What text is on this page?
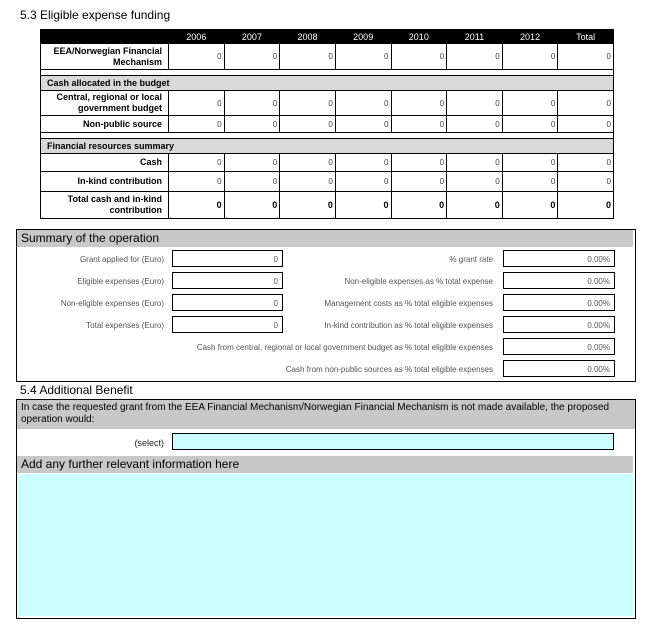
5.3 Eligible expense funding
	2006	2007	2008	2009	2010	2011	2012	Total
EEA/Norwegian Financial Mechanism	0	0	0	0	0	0	0	0

Cash allocated in the budget								
Central, regional or local government budget	0	0	0	0	0	0	0	0
Non-public source	0	0	0	0	0	0	0	0

Financial resources summary								
Cash	0	0	0	0	0	0	0	0
In-kind contribution	0	0	0	0	0	0	0	0
Total cash and in-kind contribution	0	0	0	0	0	0	0	0
Summary of the operation
Grant applied for (Euro)	0
Eligible expenses (Euro)	0
Non-eligible expenses (Euro)	0
Total expenses (Euro)	0
% grant rate	0.00%
Non-eligible expenses as % total expense	0.00%
Management costs as % total eligible expenses	0.00%
In-kind contribution as % total eligible expenses	0.00%
Cash from central, regional or local government budget as % total eligible expenses	0.00%
Cash from non-public sources as % total eligible expenses	0.00%
5.4 Additional Benefit
In case the requested grant from the EEA Financial Mechanism/Norwegian Financial Mechanism is not made available, the proposed operation would:
(select)
Add any further relevant information here
